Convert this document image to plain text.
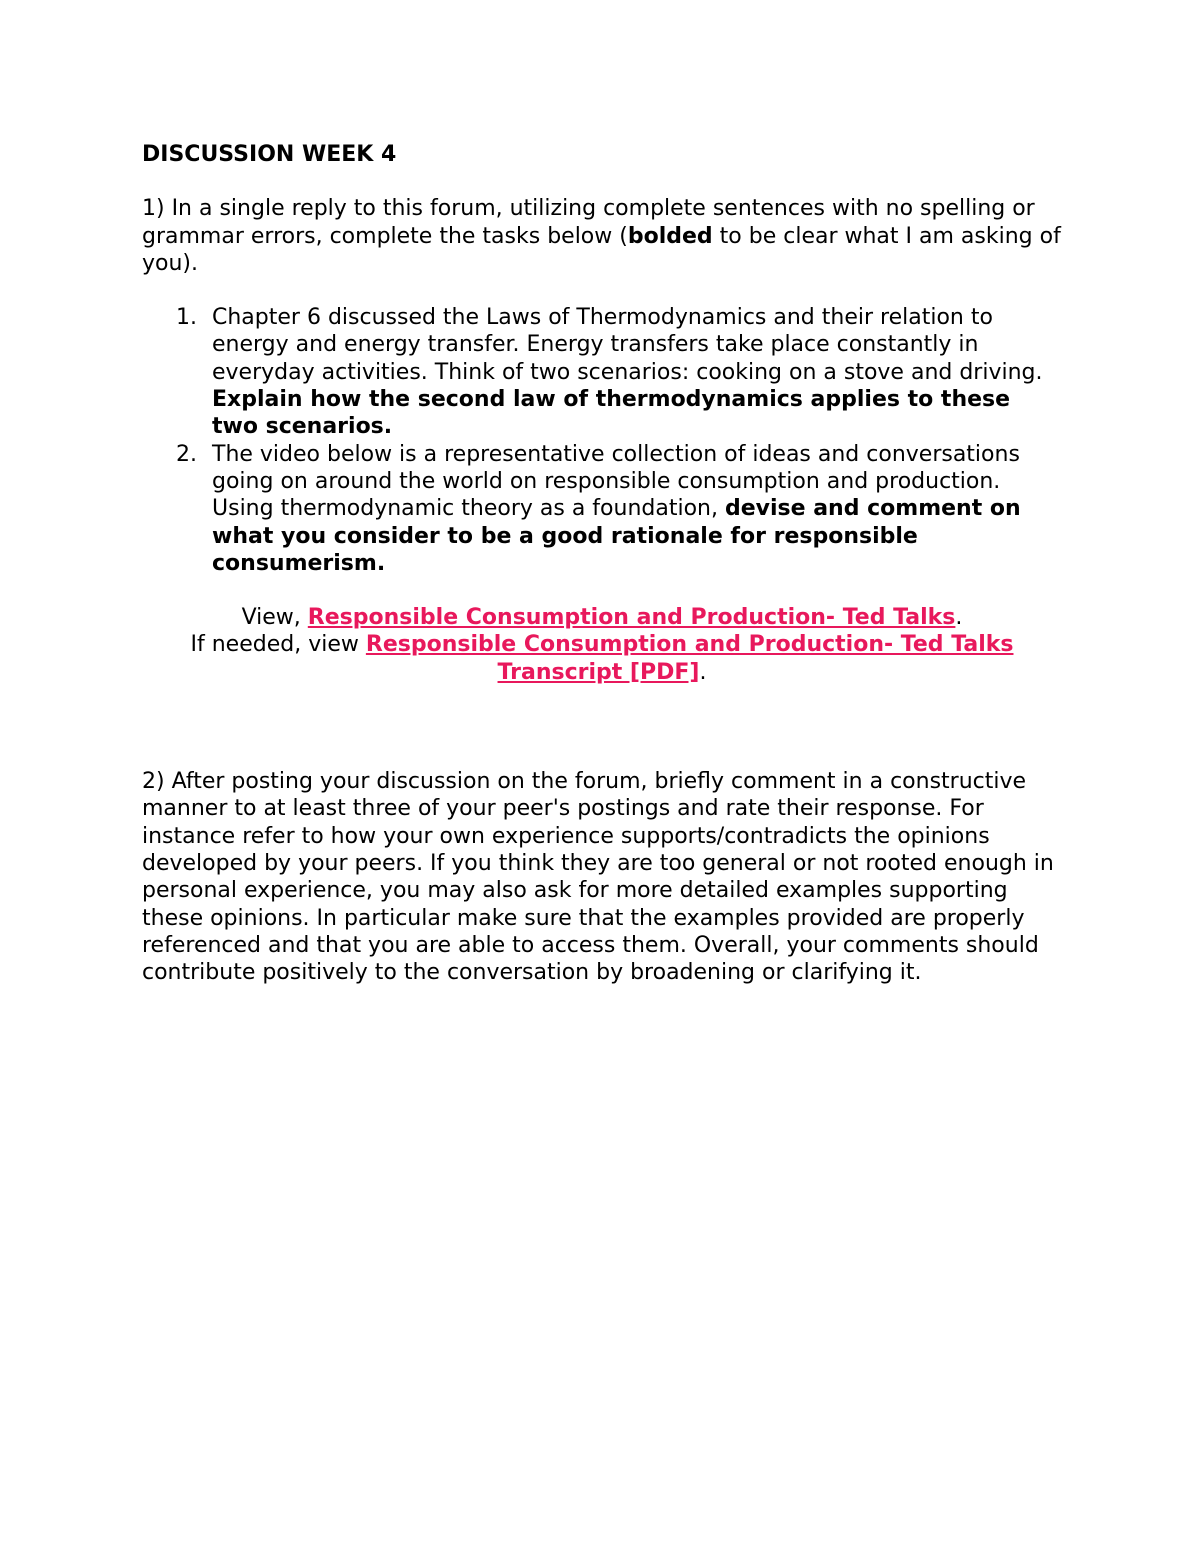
DISCUSSION WEEK 4

1) In a single reply to this forum, utilizing complete sentences with no spelling or grammar errors, complete the tasks below (bolded to be clear what I am asking of you).

1. Chapter 6 discussed the Laws of Thermodynamics and their relation to energy and energy transfer. Energy transfers take place constantly in everyday activities. Think of two scenarios: cooking on a stove and driving. Explain how the second law of thermodynamics applies to these two scenarios.
2. The video below is a representative collection of ideas and conversations going on around the world on responsible consumption and production. Using thermodynamic theory as a foundation, devise and comment on what you consider to be a good rationale for responsible consumerism.

View, Responsible Consumption and Production- Ted Talks.

If needed, view Responsible Consumption and Production- Ted Talks Transcript [PDF].

2) After posting your discussion on the forum, briefly comment in a constructive manner to at least three of your peer's postings and rate their response. For instance refer to how your own experience supports/contradicts the opinions developed by your peers. If you think they are too general or not rooted enough in personal experience, you may also ask for more detailed examples supporting these opinions. In particular make sure that the examples provided are properly referenced and that you are able to access them. Overall, your comments should contribute positively to the conversation by broadening or clarifying it.
